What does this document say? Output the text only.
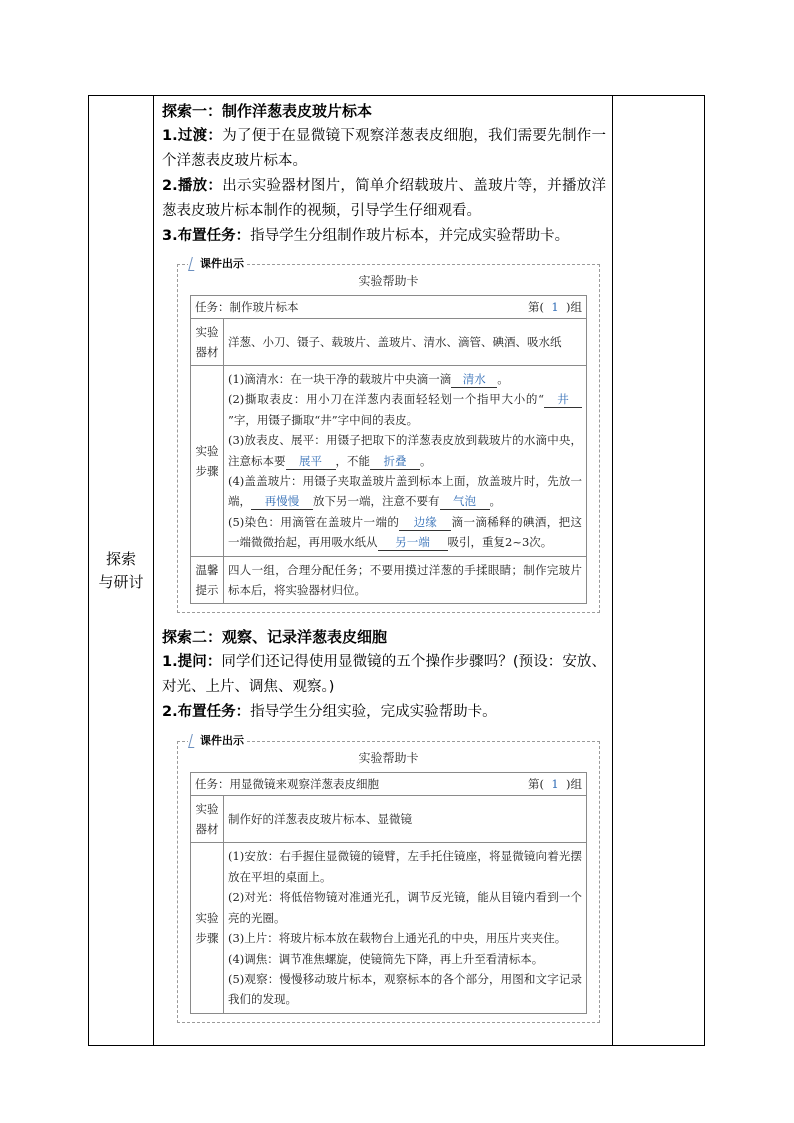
探索
与研讨

探索一：制作洋葱表皮玻片标本

1.过渡：为了便于在显微镜下观察洋葱表皮细胞，我们需要先制作一个洋葱表皮玻片标本。

2.播放：出示实验器材图片，简单介绍载玻片、盖玻片等，并播放洋葱表皮玻片标本制作的视频，引导学生仔细观看。

3.布置任务：指导学生分组制作玻片标本，并完成实验帮助卡。

课件出示

实验帮助卡

任务：制作玻片标本	第( 1 )组

实验器材	洋葱、小刀、镊子、载玻片、盖玻片、清水、滴管、碘酒、吸水纸
实验步骤	
(1)滴清水：在一块干净的载玻片中央滴一滴 清水 。
(2)撕取表皮：用小刀在洋葱内表面轻轻划一个指甲大小的“ 井”字，用镊子撕取“井”字中间的表皮。
(3)放表皮、展平：用镊子把取下的洋葱表皮放到载玻片的水滴中央，注意标本要 展平 ，不能 折叠 。
(4)盖盖玻片：用镊子夹取盖玻片盖到标本上面，放盖玻片时，先放一端， 再慢慢 放下另一端，注意不要有 气泡 。
(5)染色：用滴管在盖玻片一端的 边缘 滴一滴稀释的碘酒，把这一端微微抬起，再用吸水纸从 另一端 吸引，重复2~3次。

温馨提示	四人一组，合理分配任务；不要用摸过洋葱的手揉眼睛；制作完玻片标本后，将实验器材归位。

探索二：观察、记录洋葱表皮细胞

1.提问：同学们还记得使用显微镜的五个操作步骤吗？(预设：安放、对光、上片、调焦、观察。)

2.布置任务：指导学生分组实验，完成实验帮助卡。

课件出示

实验帮助卡

任务：用显微镜来观察洋葱表皮细胞	第( 1 )组

实验器材	制作好的洋葱表皮玻片标本、显微镜
实验步骤	
(1)安放：右手握住显微镜的镜臂，左手托住镜座，将显微镜向着光摆放在平坦的桌面上。
(2)对光：将低倍物镜对准通光孔，调节反光镜，能从目镜内看到一个亮的光圈。
(3)上片：将玻片标本放在载物台上通光孔的中央，用压片夹夹住。
(4)调焦：调节准焦螺旋，使镜筒先下降，再上升至看清标本。
(5)观察：慢慢移动玻片标本，观察标本的各个部分，用图和文字记录我们的发现。
